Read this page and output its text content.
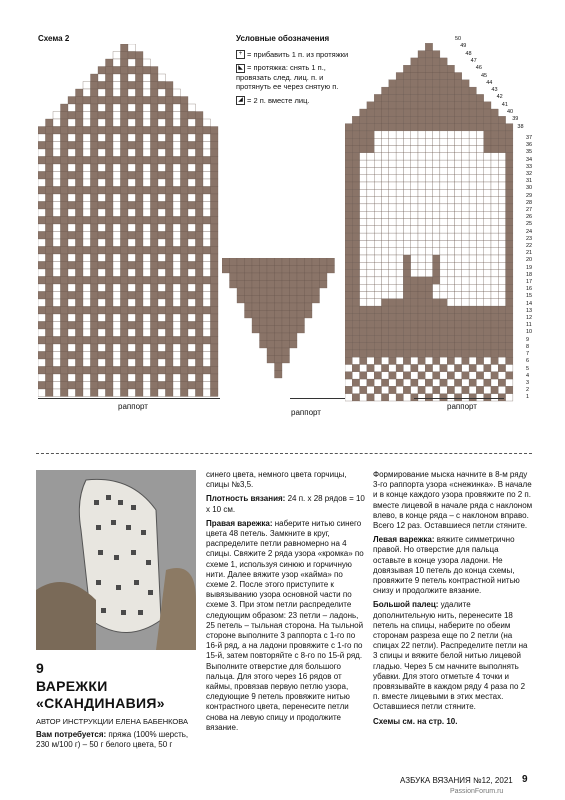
Схема 2
раппорт
Условные обозначения
+ = прибавить 1 п. из протяжки
◣ = протяжка: снять 1 п., провязать след. лиц. п. и протянуть ее через снятую п.
◢ = 2 п. вместе лиц.
раппорт
раппорт
37
36
35
34
33
32
31
30
29
28
27
26
25
24
23
22
21
20
19
18
17
16
15
14
13
12
11
10
9
8
7
6
5
4
3
2
1
50
49
48
47
46
45
44
43
42
41
40
39
38
9
ВАРЕЖКИ
«СКАНДИНАВИЯ»
АВТОР ИНСТРУКЦИИ ЕЛЕНА БАБЕНКОВА
Вам потребуется: пряжа (100% шерсть, 230 м/100 г) – 50 г белого цвета, 50 г

синего цвета, немного цвета горчицы, спицы №3,5.

Плотность вязания: 24 п. х 28 рядов = 10 х 10 см.

Правая варежка: наберите нитью синего цвета 48 петель. Замкните в круг, распределите петли равномерно на 4 спицы. Свяжите 2 ряда узора «кромка» по схеме 1, используя синюю и горчичную нити. Далее вяжите узор «кайма» по схеме 2. После этого приступите к вывязыванию узора основной части по схеме 3. При этом петли распределите следующим образом: 23 петли – ладонь, 25 петель – тыльная сторона. На тыльной стороне выполните 3 раппорта с 1-го по 16-й ряд, а на ладони провяжите с 1-го по 15-й, затем повторяйте с 8-го по 15-й ряд. Выполните отверстие для большого пальца. Для этого через 16 рядов от каймы, провязав первую петлю узора, следующие 9 петель провяжите нитью контрастного цвета, перенесите петли снова на левую спицу и продолжите вязание.

Формирование мыска начните в 8-м ряду 3-го раппорта узора «снежинка». В начале и в конце каждого узора провяжите по 2 п. вместе лицевой в начале ряда с наклоном влево, в конце ряда – с наклоном вправо. Всего 12 раз. Оставшиеся петли стяните.

Левая варежка: вяжите симметрично правой. Но отверстие для пальца оставьте в конце узора ладони. Не довязывая 10 петель до конца схемы, провяжите 9 петель контрастной нитью снизу и продолжите вязание.

Большой палец: удалите дополнительную нить, перенесите 18 петель на спицы, наберите по обеим сторонам разреза еще по 2 петли (на спицах 22 петли). Распределите петли на 3 спицы и вяжите белой нитью лицевой гладью. Через 5 см начните выполнять убавки. Для этого отметьте 4 точки и провязывайте в каждом ряду 4 раза по 2 п. вместе лицевыми в этих местах. Оставшиеся петли стяните.

Схемы см. на стр. 10.

АЗБУКА ВЯЗАНИЯ №12, 2021 9
PassionForum.ru
